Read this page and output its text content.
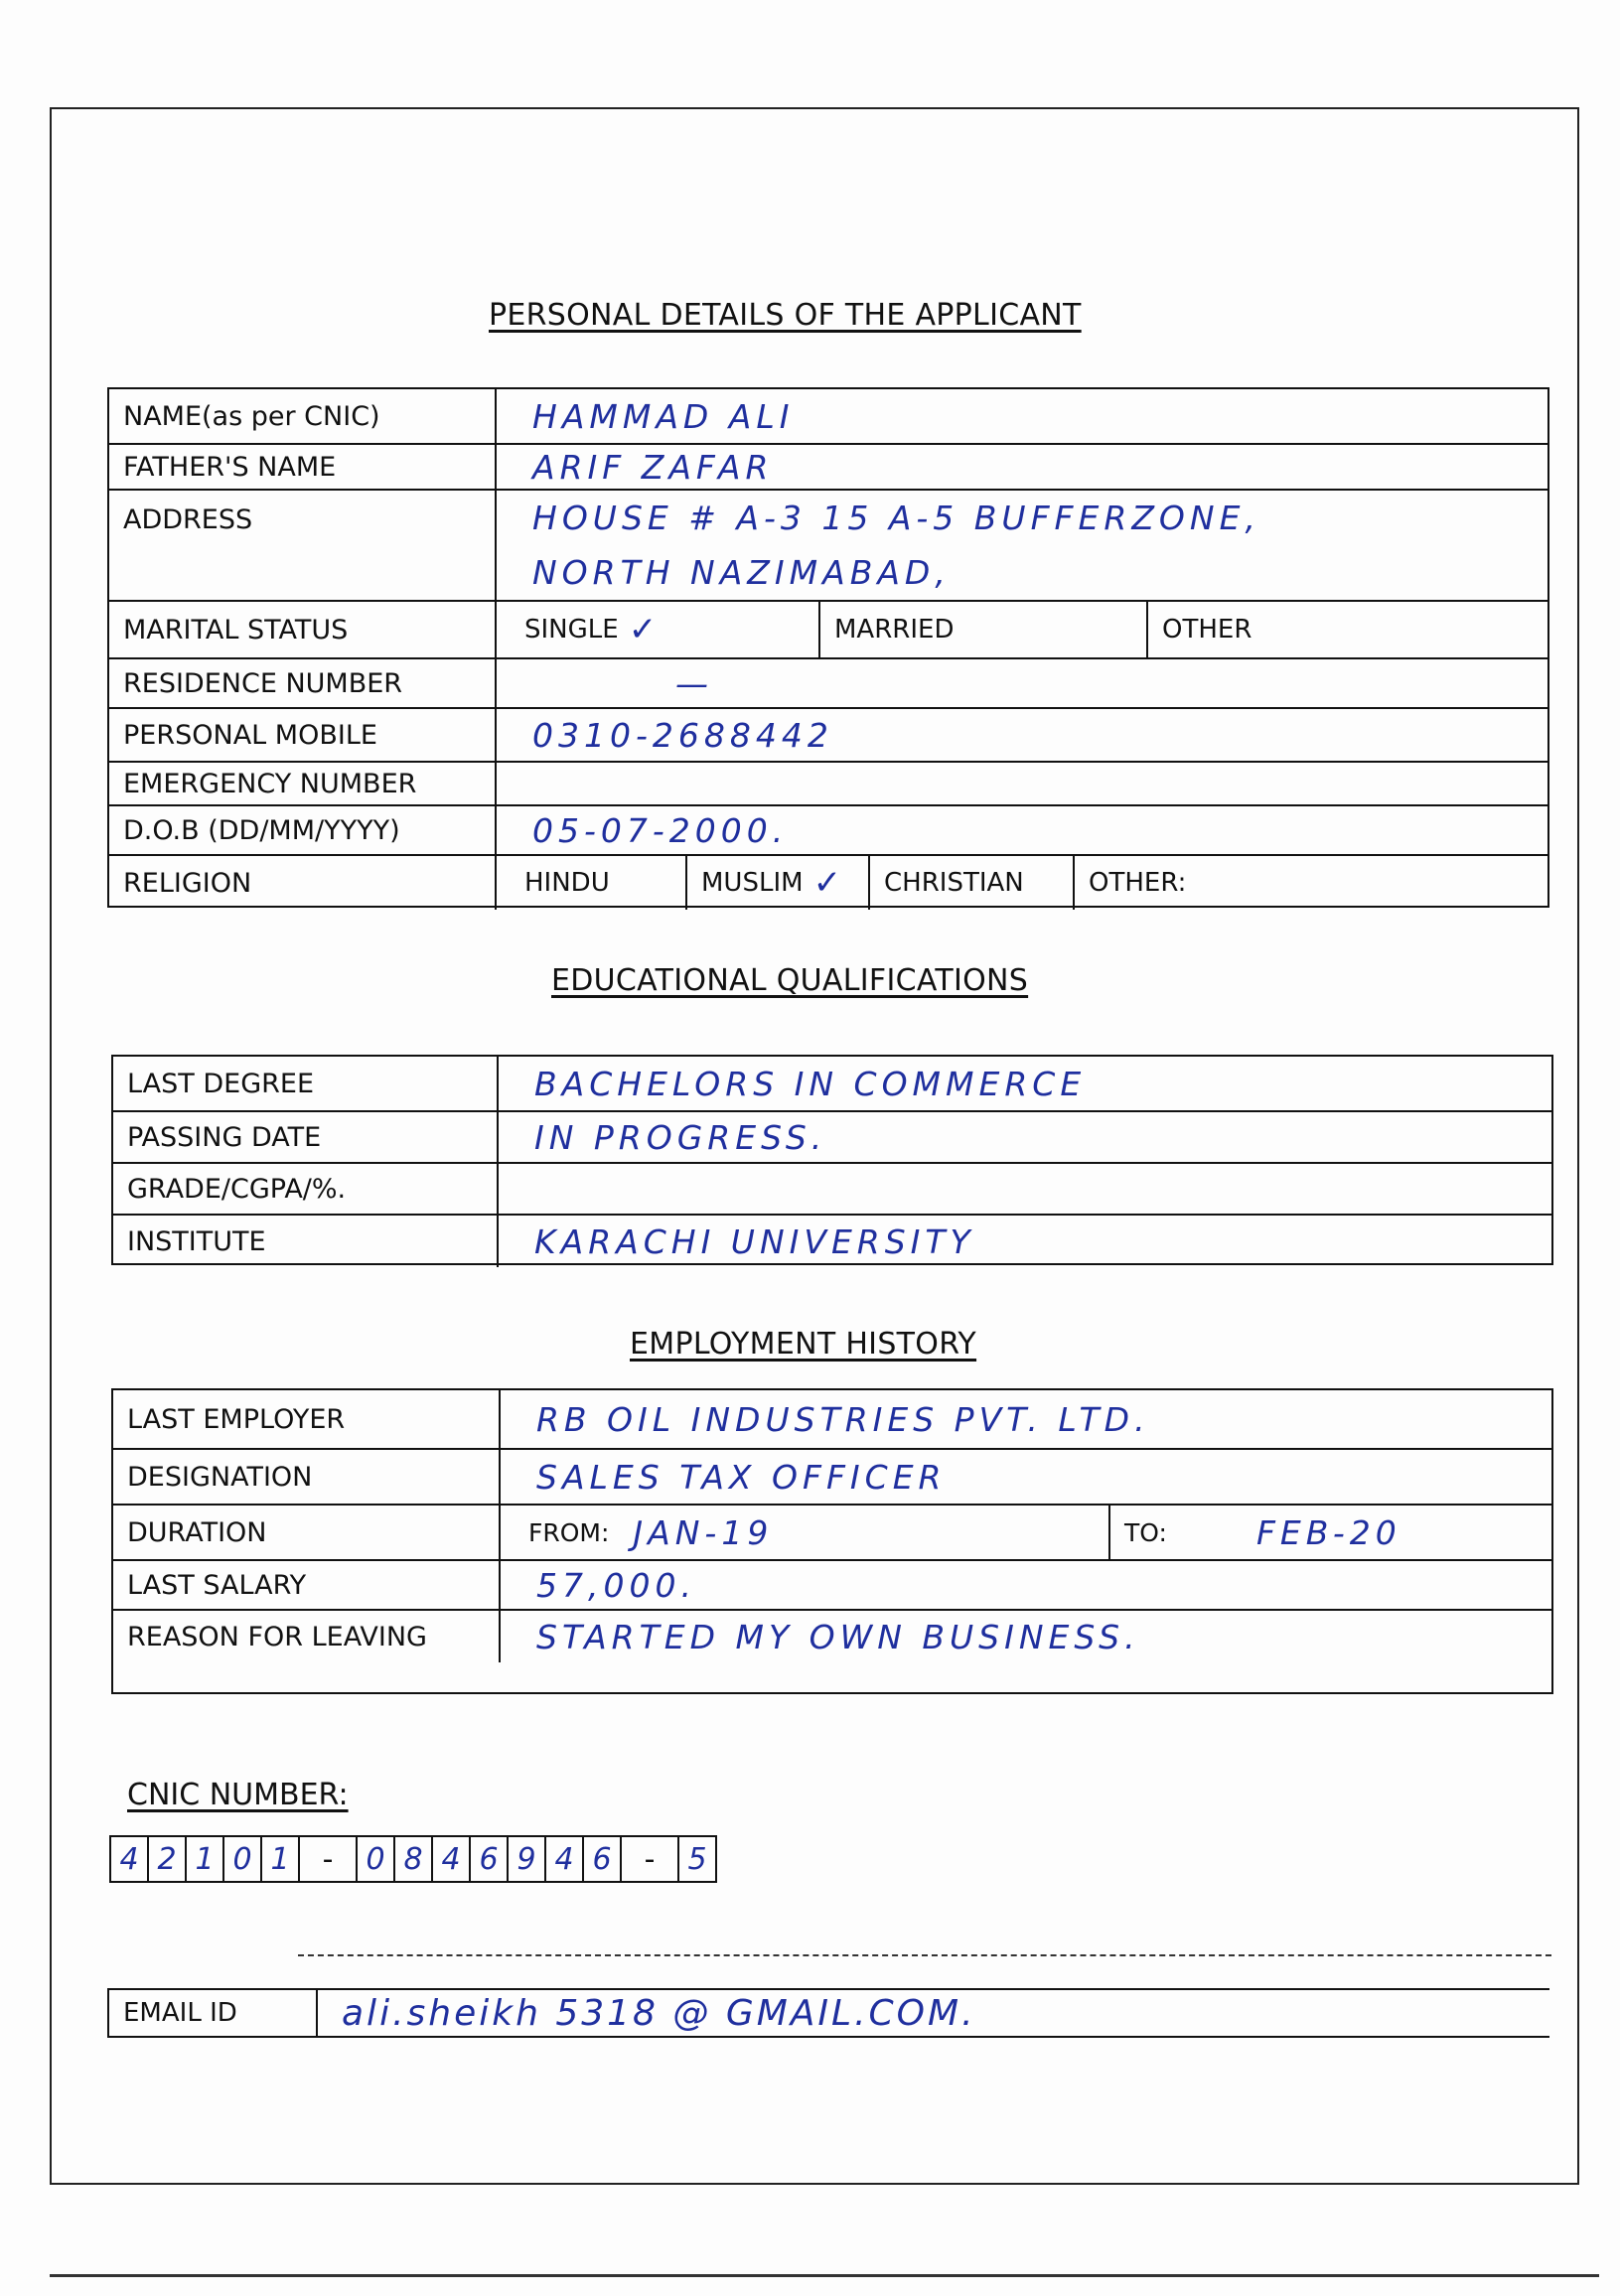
PERSONAL DETAILS OF THE APPLICANT
NAME(as per CNIC)	HAMMAD ALI
FATHER'S NAME	ARIF ZAFAR
ADDRESS	HOUSE # A-3 15 A-5 BUFFERZONE,
NORTH NAZIMABAD,
MARITAL STATUS	SINGLE ✓	MARRIED	OTHER
RESIDENCE NUMBER	—
PERSONAL MOBILE	0310-2688442
EMERGENCY NUMBER
D.O.B (DD/MM/YYYY)	05-07-2000.
RELIGION	HINDU	MUSLIM ✓	CHRISTIAN	OTHER:
EDUCATIONAL QUALIFICATIONS
LAST DEGREE	BACHELORS IN COMMERCE
PASSING DATE	IN PROGRESS.
GRADE/CGPA/%.
INSTITUTE	KARACHI UNIVERSITY
EMPLOYMENT HISTORY
LAST EMPLOYER	RB OIL INDUSTRIES PVT. LTD.
DESIGNATION	SALES TAX OFFICER
DURATION	FROM: JAN-19	TO:	FEB-20
LAST SALARY	57,000.
REASON FOR LEAVING	STARTED MY OWN BUSINESS.
CNIC NUMBER:
4 2 1 0 1	-	0 8 4 6 9 4 6	-	5
EMAIL ID	ali.sheikh 5318 @ GMAIL.COM.
